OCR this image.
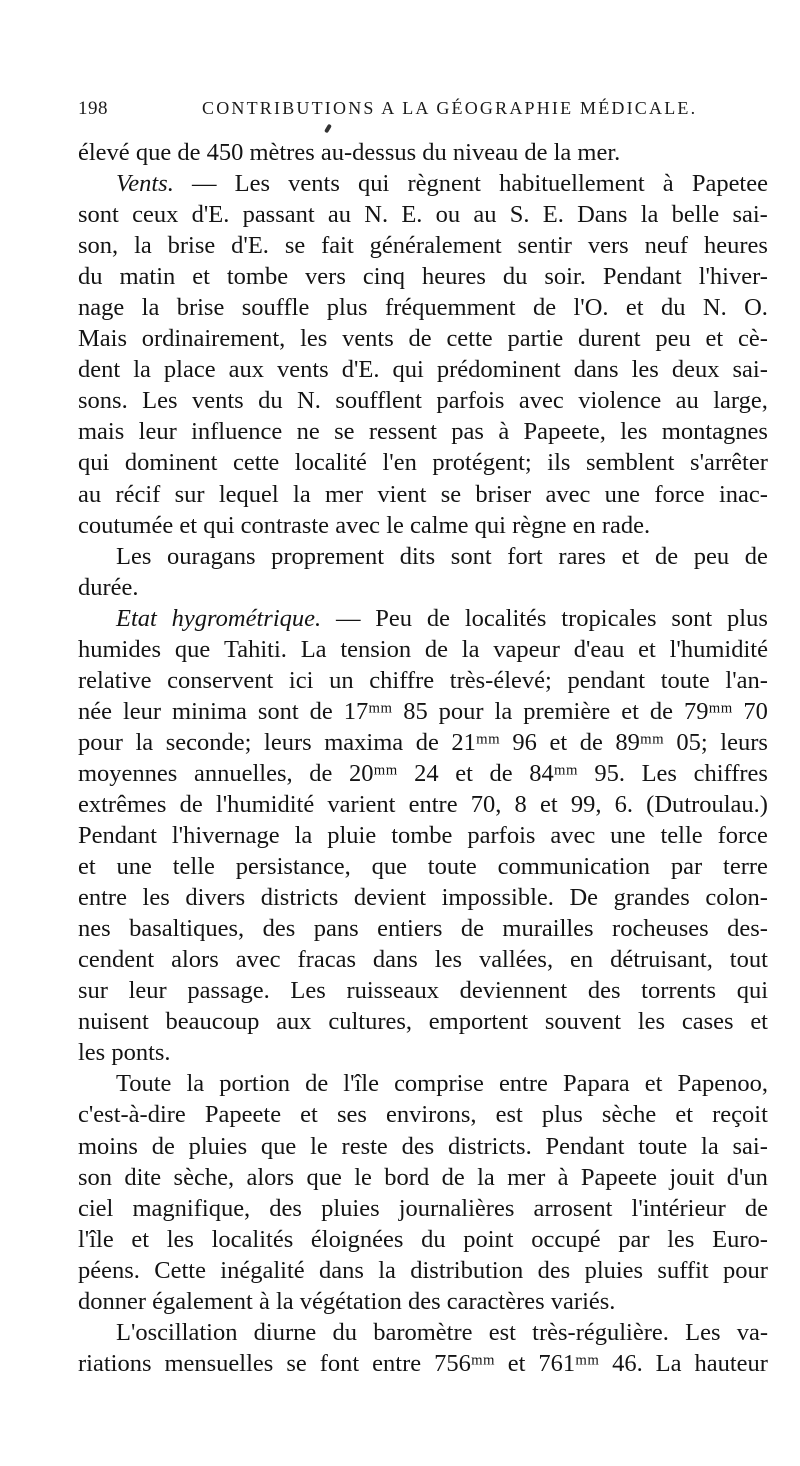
198	CONTRIBUTIONS A LA GÉOGRAPHIE MÉDICALE.
élevé que de 450 mètres au-dessus du niveau de la mer.
Vents. — Les vents qui règnent habituellement à Papetee
sont ceux d'E. passant au N. E. ou au S. E. Dans la belle sai-
son, la brise d'E. se fait généralement sentir vers neuf heures
du matin et tombe vers cinq heures du soir. Pendant l'hiver-
nage la brise souffle plus fréquemment de l'O. et du N. O.
Mais ordinairement, les vents de cette partie durent peu et cè-
dent la place aux vents d'E. qui prédominent dans les deux sai-
sons. Les vents du N. soufflent parfois avec violence au large,
mais leur influence ne se ressent pas à Papeete, les montagnes
qui dominent cette localité l'en protégent; ils semblent s'arrêter
au récif sur lequel la mer vient se briser avec une force inac-
coutumée et qui contraste avec le calme qui règne en rade.
Les ouragans proprement dits sont fort rares et de peu de
durée.
Etat hygrométrique. — Peu de localités tropicales sont plus
humides que Tahiti. La tension de la vapeur d'eau et l'humidité
relative conservent ici un chiffre très-élevé; pendant toute l'an-
née leur minima sont de 17ᵐᵐ 85 pour la première et de 79ᵐᵐ 70
pour la seconde; leurs maxima de 21ᵐᵐ 96 et de 89ᵐᵐ 05; leurs
moyennes annuelles, de 20ᵐᵐ 24 et de 84ᵐᵐ 95. Les chiffres
extrêmes de l'humidité varient entre 70, 8 et 99, 6. (Dutroulau.)
Pendant l'hivernage la pluie tombe parfois avec une telle force
et une telle persistance, que toute communication par terre
entre les divers districts devient impossible. De grandes colon-
nes basaltiques, des pans entiers de murailles rocheuses des-
cendent alors avec fracas dans les vallées, en détruisant, tout
sur leur passage. Les ruisseaux deviennent des torrents qui
nuisent beaucoup aux cultures, emportent souvent les cases et
les ponts.
Toute la portion de l'île comprise entre Papara et Papenoo,
c'est-à-dire Papeete et ses environs, est plus sèche et reçoit
moins de pluies que le reste des districts. Pendant toute la sai-
son dite sèche, alors que le bord de la mer à Papeete jouit d'un
ciel magnifique, des pluies journalières arrosent l'intérieur de
l'île et les localités éloignées du point occupé par les Euro-
péens. Cette inégalité dans la distribution des pluies suffit pour
donner également à la végétation des caractères variés.
L'oscillation diurne du baromètre est très-régulière. Les va-
riations mensuelles se font entre 756ᵐᵐ et 761ᵐᵐ 46. La hauteur
